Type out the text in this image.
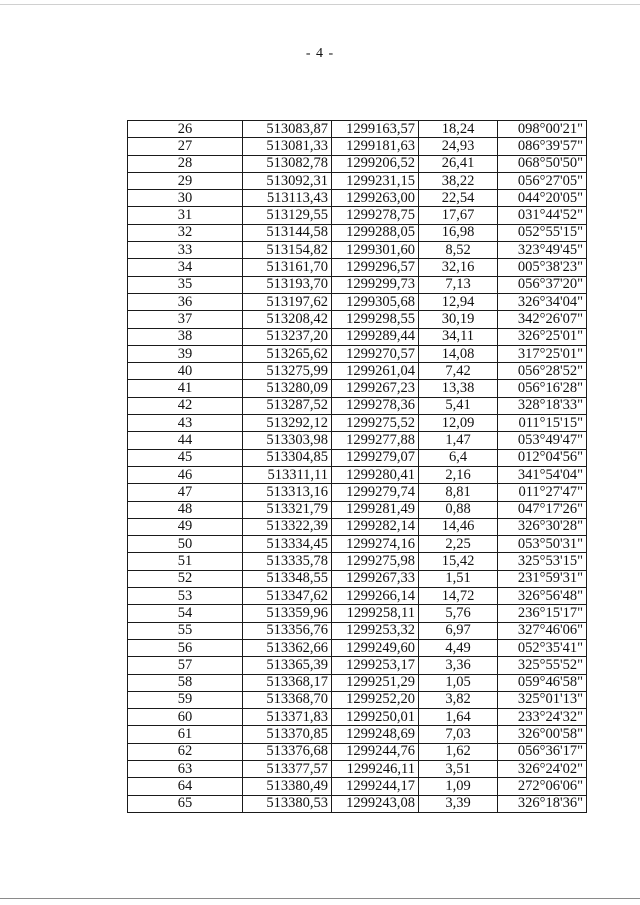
- 4 -
26	513083,87	1299163,57	18,24	098°00'21"
27	513081,33	1299181,63	24,93	086°39'57"
28	513082,78	1299206,52	26,41	068°50'50"
29	513092,31	1299231,15	38,22	056°27'05"
30	513113,43	1299263,00	22,54	044°20'05"
31	513129,55	1299278,75	17,67	031°44'52"
32	513144,58	1299288,05	16,98	052°55'15"
33	513154,82	1299301,60	8,52	323°49'45"
34	513161,70	1299296,57	32,16	005°38'23"
35	513193,70	1299299,73	7,13	056°37'20"
36	513197,62	1299305,68	12,94	326°34'04"
37	513208,42	1299298,55	30,19	342°26'07"
38	513237,20	1299289,44	34,11	326°25'01"
39	513265,62	1299270,57	14,08	317°25'01"
40	513275,99	1299261,04	7,42	056°28'52"
41	513280,09	1299267,23	13,38	056°16'28"
42	513287,52	1299278,36	5,41	328°18'33"
43	513292,12	1299275,52	12,09	011°15'15"
44	513303,98	1299277,88	1,47	053°49'47"
45	513304,85	1299279,07	6,4	012°04'56"
46	513311,11	1299280,41	2,16	341°54'04"
47	513313,16	1299279,74	8,81	011°27'47"
48	513321,79	1299281,49	0,88	047°17'26"
49	513322,39	1299282,14	14,46	326°30'28"
50	513334,45	1299274,16	2,25	053°50'31"
51	513335,78	1299275,98	15,42	325°53'15"
52	513348,55	1299267,33	1,51	231°59'31"
53	513347,62	1299266,14	14,72	326°56'48"
54	513359,96	1299258,11	5,76	236°15'17"
55	513356,76	1299253,32	6,97	327°46'06"
56	513362,66	1299249,60	4,49	052°35'41"
57	513365,39	1299253,17	3,36	325°55'52"
58	513368,17	1299251,29	1,05	059°46'58"
59	513368,70	1299252,20	3,82	325°01'13"
60	513371,83	1299250,01	1,64	233°24'32"
61	513370,85	1299248,69	7,03	326°00'58"
62	513376,68	1299244,76	1,62	056°36'17"
63	513377,57	1299246,11	3,51	326°24'02"
64	513380,49	1299244,17	1,09	272°06'06"
65	513380,53	1299243,08	3,39	326°18'36"
